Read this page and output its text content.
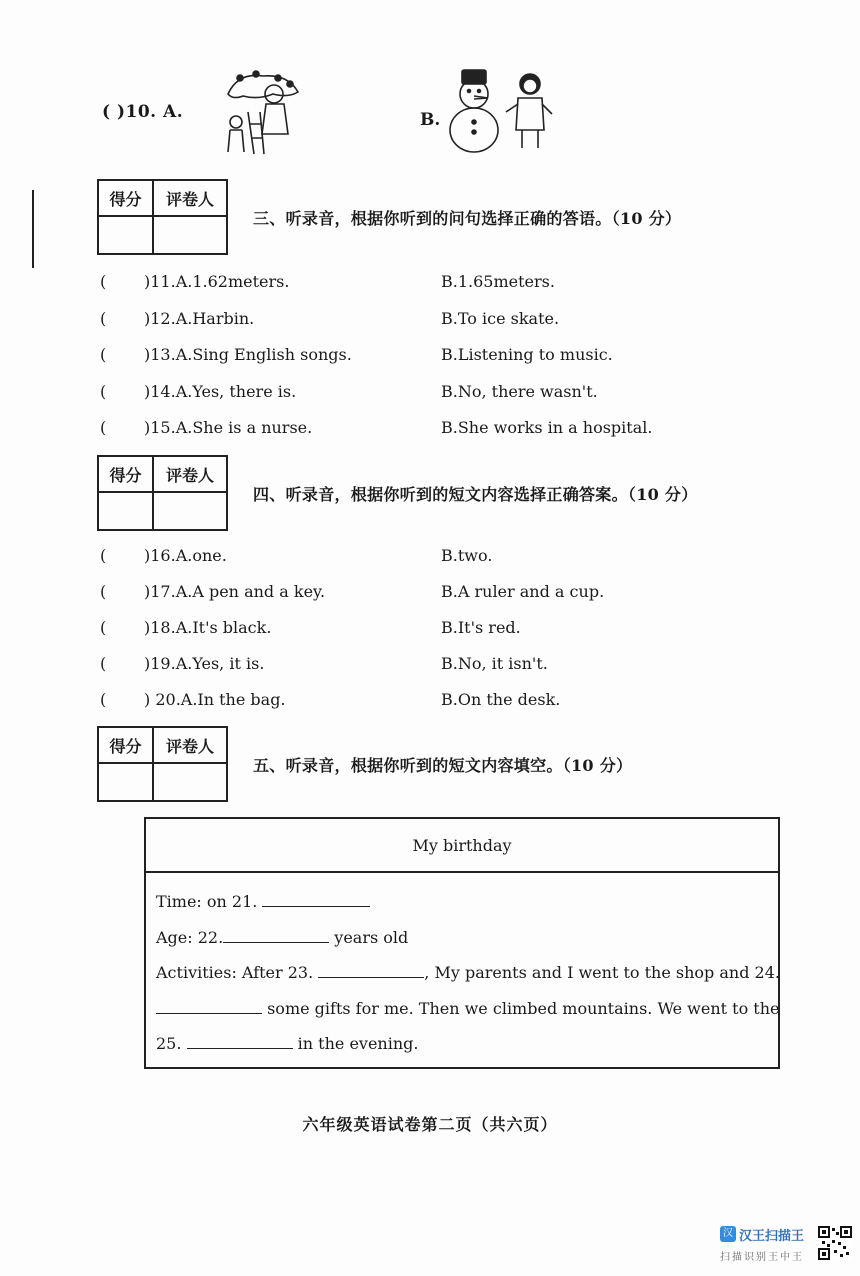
( )10. A.	B.
得分	评卷人
三、听录音，根据你听到的问句选择正确的答语。（10 分）
( )11.A.1.62meters.	B.1.65meters.
( )12.A.Harbin.	B.To ice skate.
( )13.A.Sing English songs.	B.Listening to music.
( )14.A.Yes, there is.	B.No, there wasn't.
( )15.A.She is a nurse.	B.She works in a hospital.
得分	评卷人
四、听录音，根据你听到的短文内容选择正确答案。（10 分）
( )16.A.one.	B.two.
( )17.A.A pen and a key.	B.A ruler and a cup.
( )18.A.It's black.	B.It's red.
( )19.A.Yes, it is.	B.No, it isn't.
( ) 20.A.In the bag.	B.On the desk.
得分	评卷人
五、听录音，根据你听到的短文内容填空。（10 分）
My birthday
Time: on 21.
Age: 22.	years old
Activities: After 23.	, My parents and I went to the shop and 24.
some gifts for me. Then we climbed mountains. We went to the
25.	in the evening.
六年级英语试卷第二页（共六页）
汉 汉王扫描王
扫描识别王中王
